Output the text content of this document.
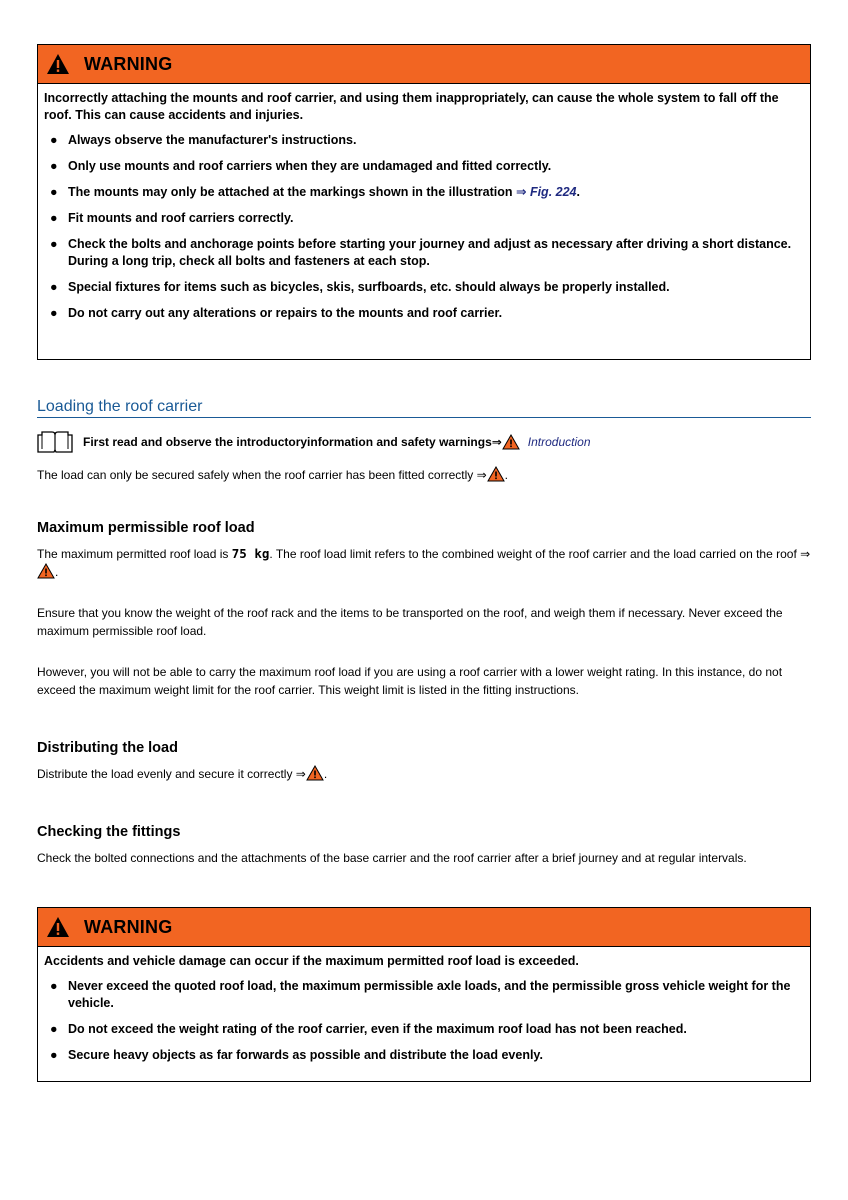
WARNING

Incorrectly attaching the mounts and roof carrier, and using them inappropriately, can cause the whole system to fall off the roof. This can cause accidents and injuries.

● Always observe the manufacturer's instructions.
● Only use mounts and roof carriers when they are undamaged and fitted correctly.
● The mounts may only be attached at the markings shown in the illustration ⇒ Fig. 224.
● Fit mounts and roof carriers correctly.
● Check the bolts and anchorage points before starting your journey and adjust as necessary after driving a short distance. During a long trip, check all bolts and fasteners at each stop.
● Special fixtures for items such as bicycles, skis, surfboards, etc. should always be properly installed.
● Do not carry out any alterations or repairs to the mounts and roof carrier.
Loading the roof carrier
First read and observe the introductoryinformation and safety warnings⇒ Introduction
The load can only be secured safely when the roof carrier has been fitted correctly ⇒ .
Maximum permissible roof load
The maximum permitted roof load is 75 kg. The roof load limit refers to the combined weight of the roof carrier and the load carried on the roof ⇒.
Ensure that you know the weight of the roof rack and the items to be transported on the roof, and weigh them if necessary. Never exceed the maximum permissible roof load.
However, you will not be able to carry the maximum roof load if you are using a roof carrier with a lower weight rating. In this instance, do not exceed the maximum weight limit for the roof carrier. This weight limit is listed in the fitting instructions.
Distributing the load
Distribute the load evenly and secure it correctly ⇒ .
Checking the fittings
Check the bolted connections and the attachments of the base carrier and the roof carrier after a brief journey and at regular intervals.
WARNING

Accidents and vehicle damage can occur if the maximum permitted roof load is exceeded.

● Never exceed the quoted roof load, the maximum permissible axle loads, and the permissible gross vehicle weight for the vehicle.
● Do not exceed the weight rating of the roof carrier, even if the maximum roof load has not been reached.
● Secure heavy objects as far forwards as possible and distribute the load evenly.
